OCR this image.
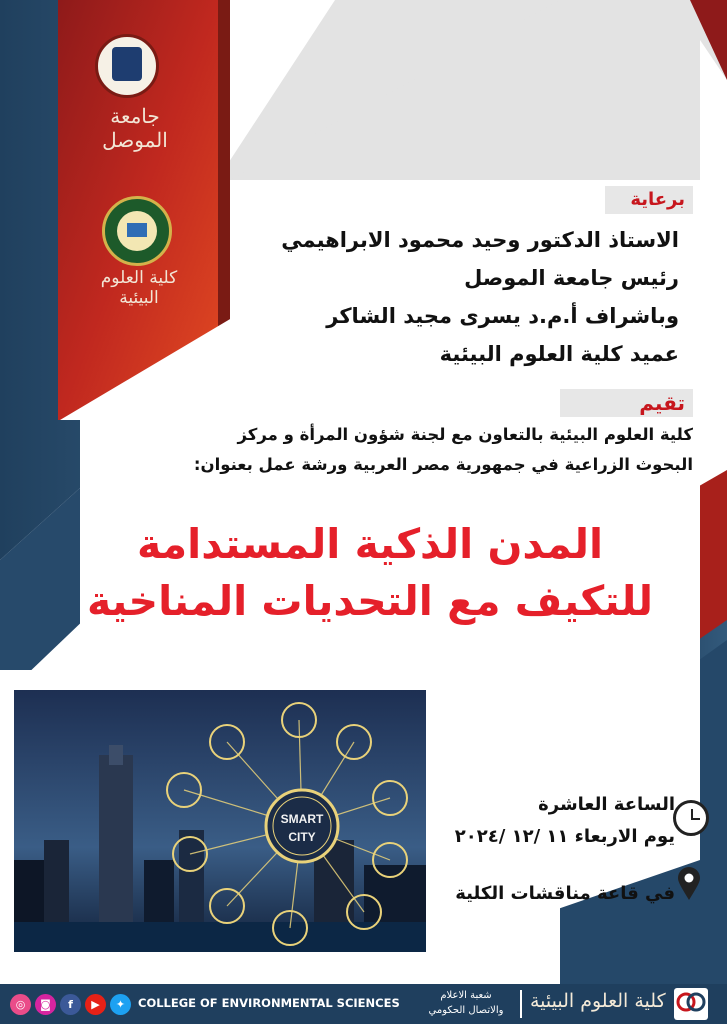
جامعة الموصل
كلية العلوم البيئية
برعاية
الاستاذ الدكتور وحيد محمود الابراهيمي
رئيس جامعة الموصل
وباشراف أ.م.د يسرى مجيد الشاكر
عميد كلية العلوم البيئية
تقيم
كلية العلوم البيئية بالتعاون مع لجنة شؤون المرأة و مركز
البحوث الزراعية في جمهورية مصر العربية ورشة عمل بعنوان:
المدن الذكية المستدامة
للتكيف مع التحديات المناخية
SMART
CITY
الساعة العاشرة
يوم الاربعاء ١١ /١٢ /٢٠٢٤
في قاعة مناقشات الكلية
◎	◙	f	▶	✦	COLLEGE OF ENVIRONMENTAL SCIENCES
شعبة الاعلام
والاتصال الحكومي	كلية العلوم البيئية
